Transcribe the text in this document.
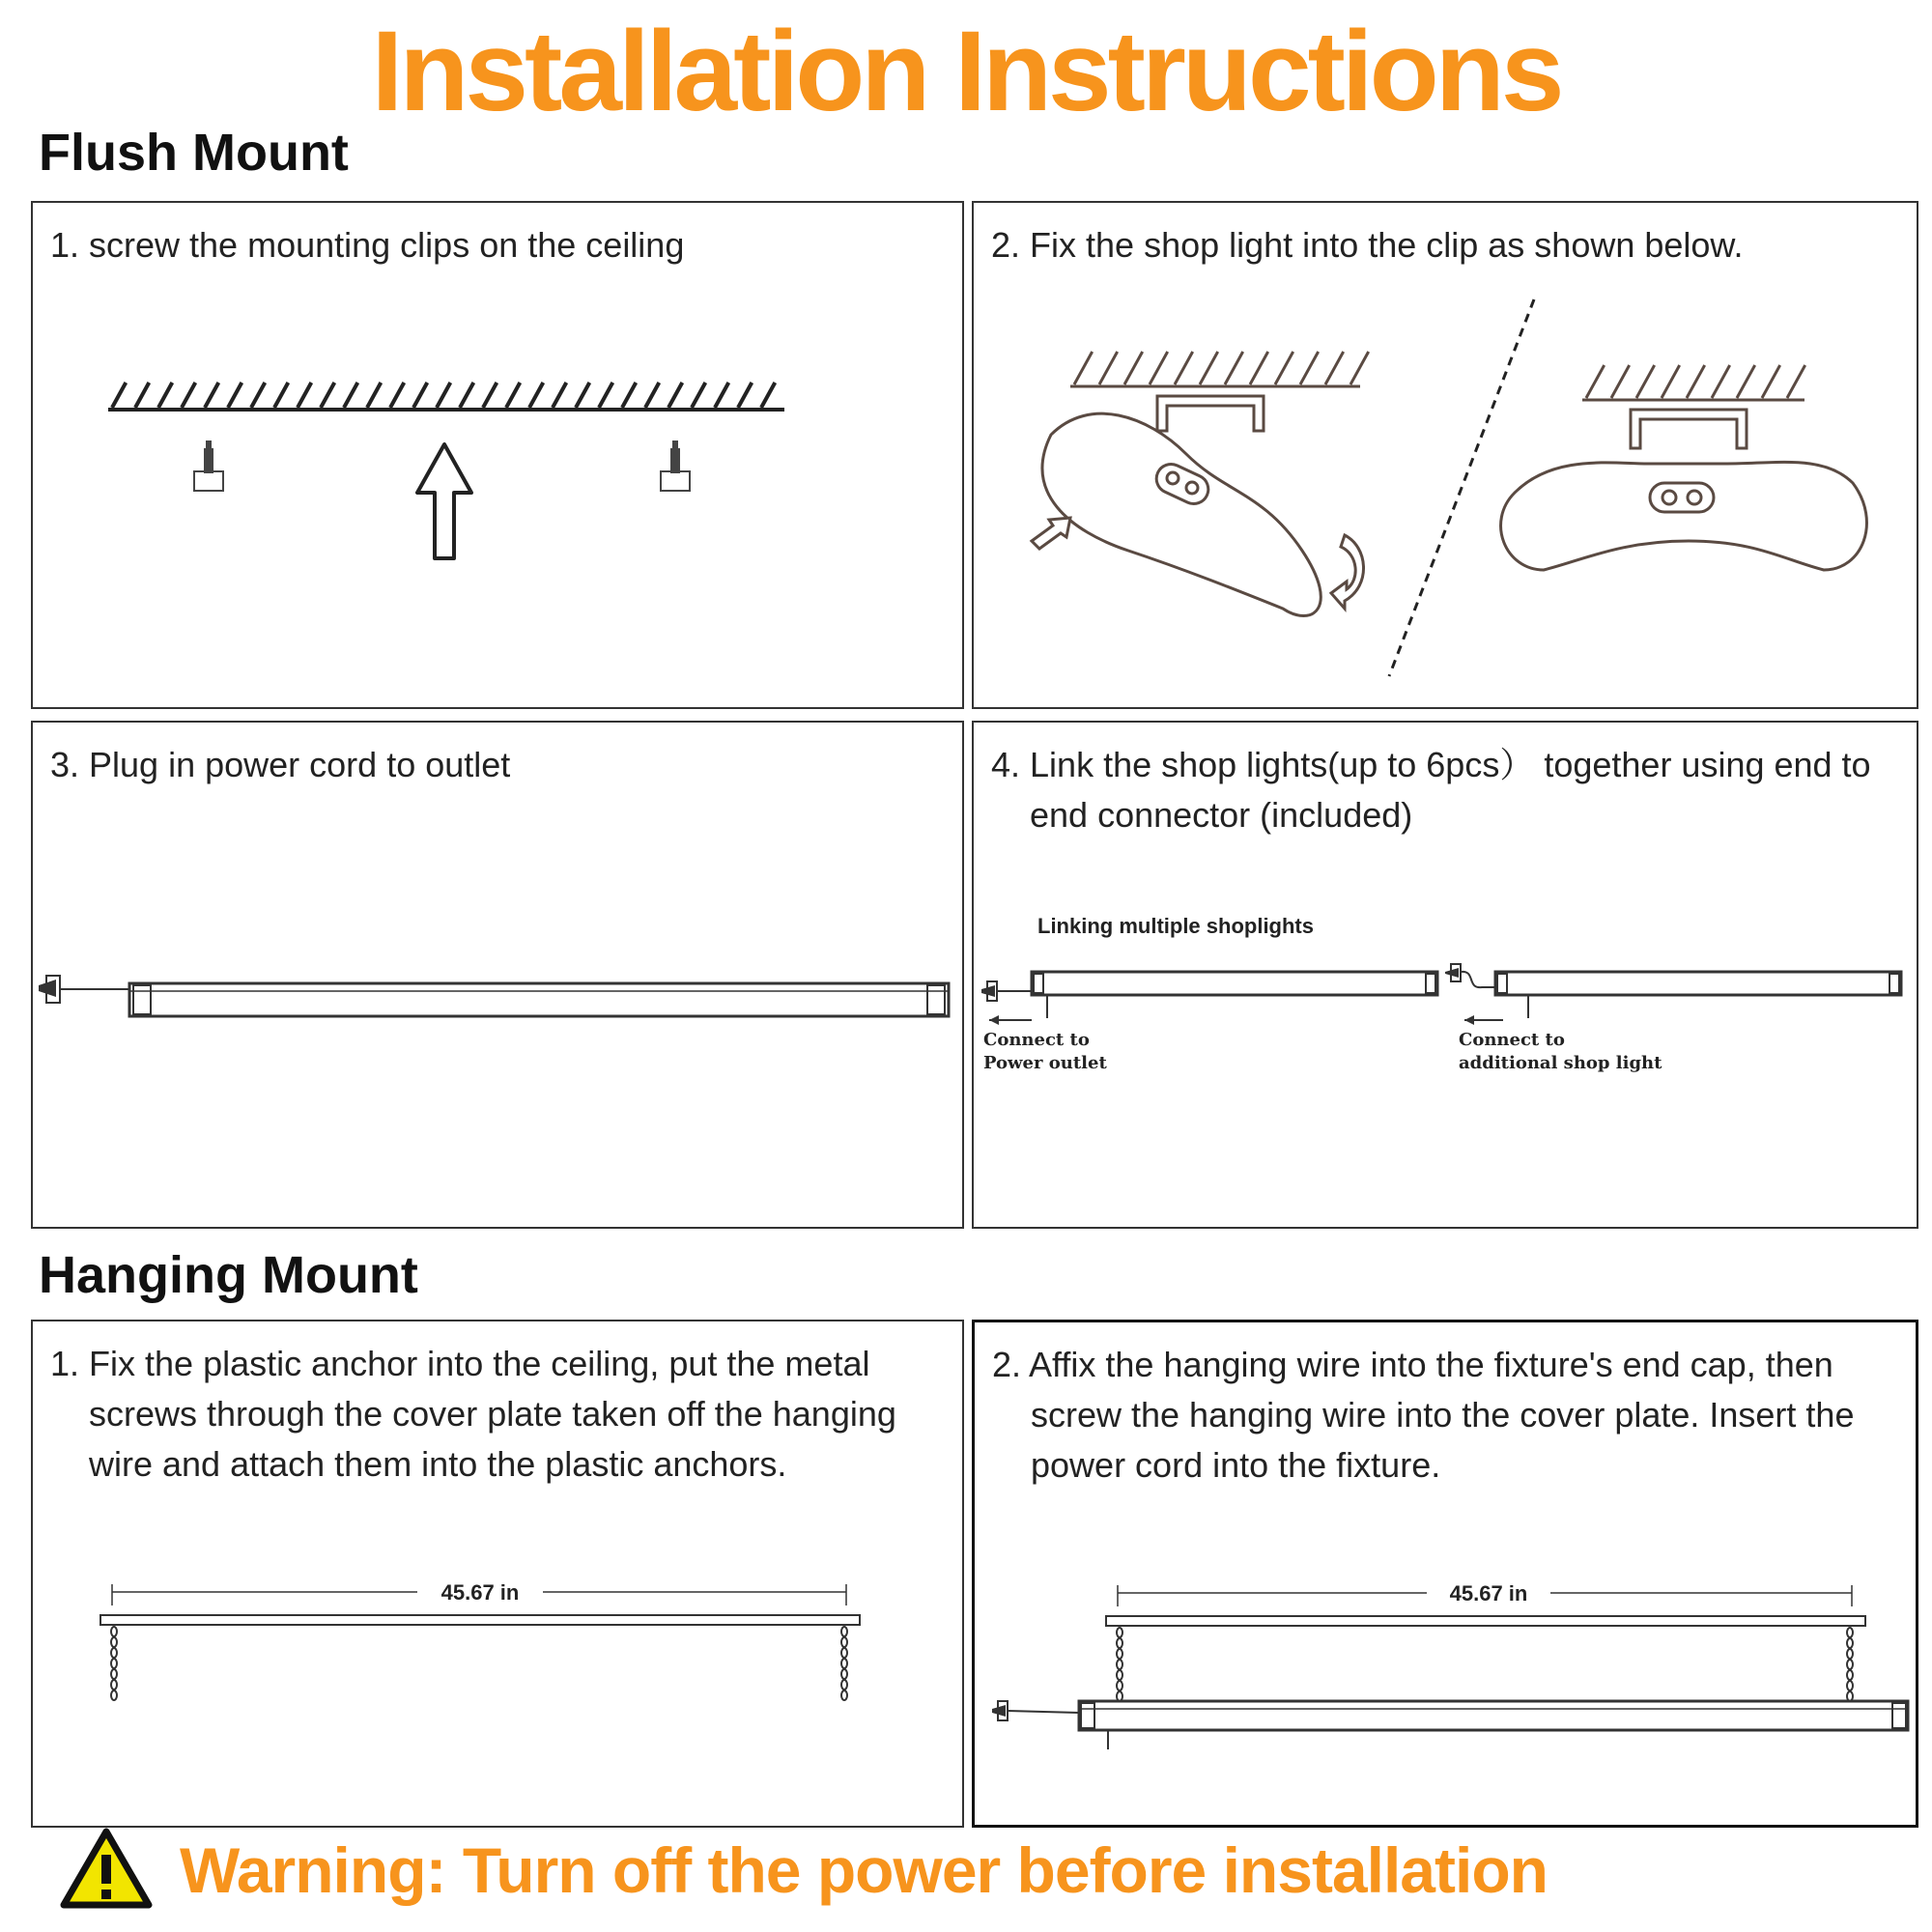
Installation Instructions
Flush Mount
1. screw the mounting clips on the ceiling	2. Fix the shop light into the clip as shown below.
3. Plug in power cord to outlet
Linking multiple shoplights
Connect to
Power outlet
Connect to
additional shop light
4. Link the shop lights(up to 6pcs） together using end to end connector (included)
Hanging Mount
45.67 in
1. Fix the plastic anchor into the ceiling, put the metal screws through the cover plate taken off the hanging wire and attach them into the plastic anchors.
45.67 in
2. Affix the hanging wire into the fixture's end cap, then screw the hanging wire into the cover plate. Insert the power cord into the fixture.
Warning: Turn off the power before installation
